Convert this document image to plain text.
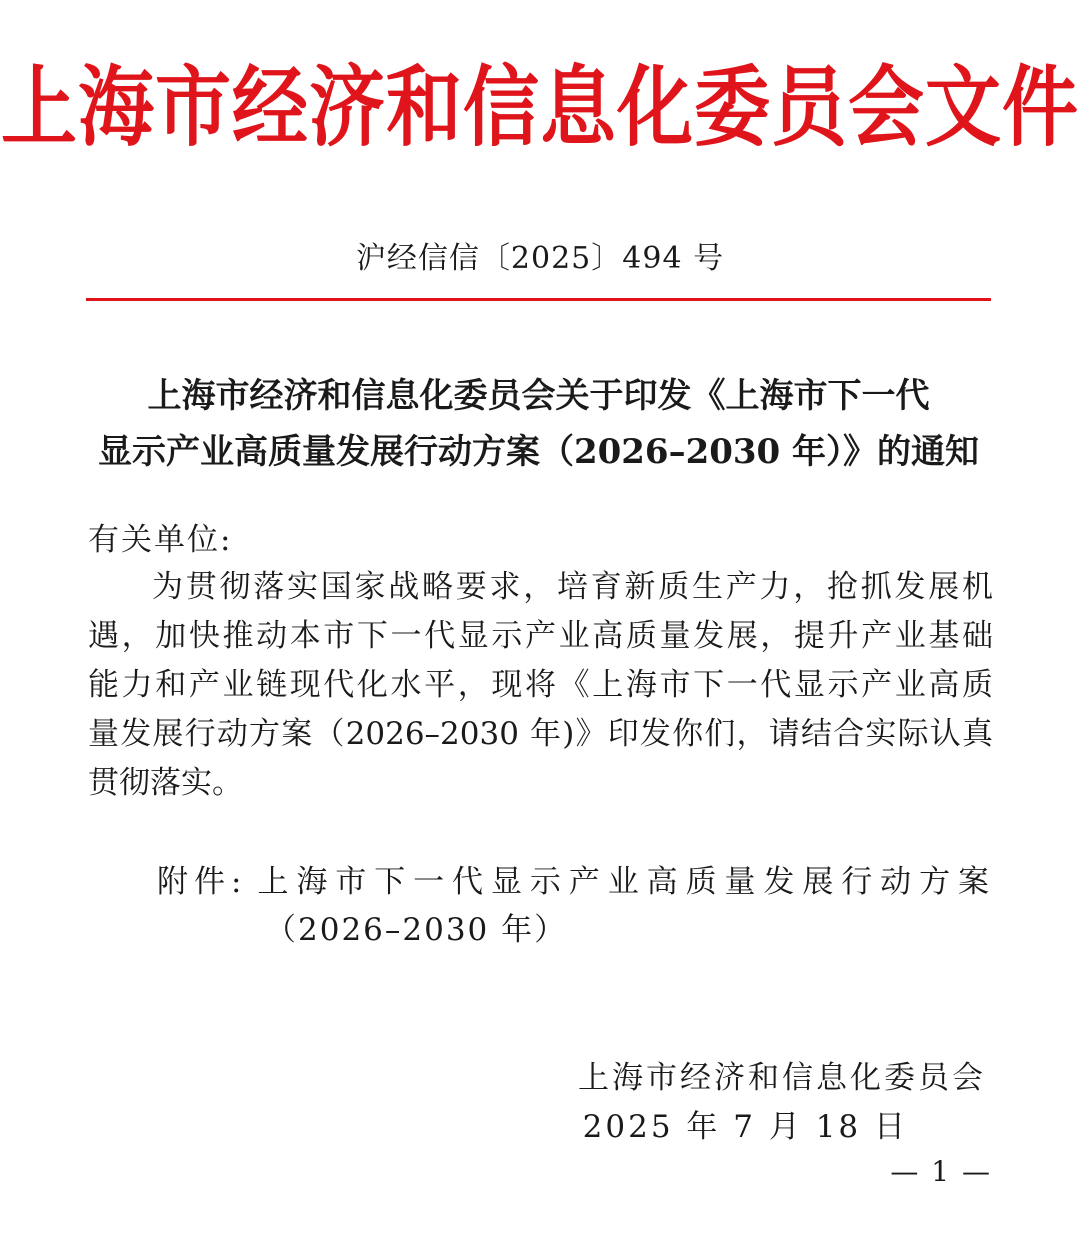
上海市经济和信息化委员会文件
沪经信信〔2025〕494 号
上海市经济和信息化委员会关于印发《上海市下一代
显示产业高质量发展行动方案（2026–2030 年）》的通知
有关单位:
为贯彻落实国家战略要求，培育新质生产力，抢抓发展机
遇，加快推动本市下一代显示产业高质量发展，提升产业基础
能力和产业链现代化水平，现将《上海市下一代显示产业高质
量发展行动方案（2026–2030 年)》印发你们，请结合实际认真
贯彻落实。
附件: 上海市下一代显示产业高质量发展行动方案
（2026–2030 年）
上海市经济和信息化委员会
2025 年 7 月 18 日
— 1 —
